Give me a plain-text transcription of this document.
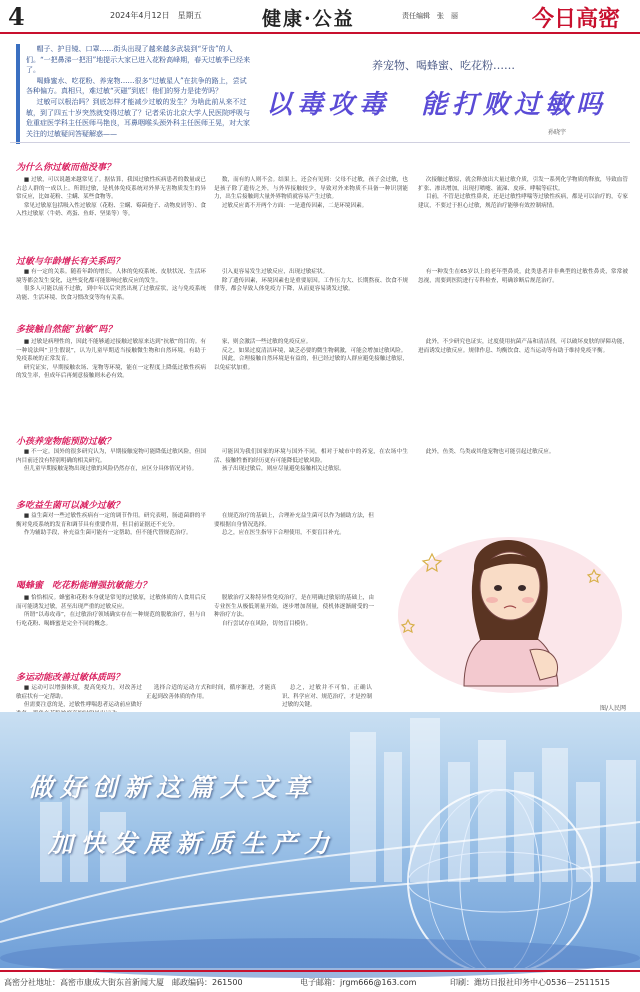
4	2024年4月12日　星期五	健康·公益	责任编辑　张　丽	今日高密

帽子、护目镜、口罩……街头出现了越来越多武装到“牙齿”的人们。“一把鼻涕一把泪”地提示大家已进入花粉高峰期，春天过敏季已经来了。

喝蜂蜜水、吃花粉、养宠物……很多“过敏星人”在抗争的路上，尝试各种偏方。真相只，难过敏“灭磁”到底！他们的努力是徒劳吗？

过敏可以根治吗？到底怎样才能减少过敏的发生？为啥此前从来不过敏，到了四五十岁突然就变得过敏了？记者采访北京大学人民医院呼吸与危重症医学科主任医师马艳良，耳鼻咽喉头颈外科主任医师王晃，对大家关注的过敏疑问答疑解惑——

养宠物、喝蜂蜜、吃花粉……
以毒攻毒　能打败过敏吗
孙晓宇
为什么你过敏而他没事？

■ 过敏，可以说越来越常见了。据估算，我国过敏性疾病患者的数量或已占总人群的一成以上。所谓过敏，是机体免疫系统对外界无害物质发生的异常反应，比如花粉、尘螨、某些食物等。

常见过敏原包括吸入性过敏原（花粉、尘螨、霉菌孢子、动物皮屑等）、食入性过敏原（牛奶、鸡蛋、鱼虾、坚果等）等。

数，而有的人则不会。结果上，还会有见到：父母不过敏，孩子会过敏，也是孩子除了遗传之外，与外界接触较少，导致对外来物质不具备一种识别能力，出生后接触到大量外界物质就容易产生过敏。

过敏反应离不开两个方面：一是遗传因素，二是环境因素。

次接触过敏原，就会释放出大量过敏介质，引发一系列化学物质的释放，导致血管扩张、渗出增加，出现打喷嚏、流涕、皮疹、哮喘等症状。

目前，不管是过敏性鼻炎，还是过敏性哮喘等过敏性疾病，都是可以治疗的，专家建议，不要过于担心过敏，规范治疗能够有效控制病情。

过敏与年龄增长有关系吗？

■ 有一定的关系。随着年龄的增长，人体的免疫系统、皮肤状况、生活环境等都会发生变化，这些变化都可能影响过敏反应的发生。

很多人可能以前不过敏，到中年以后突然出现了过敏症状，这与免疫系统功能、生活环境、饮食习惯改变等均有关系。

引入更容易发生过敏反应，出现过敏症状。

除了遗传因素，环境因素也是重要原因。工作压力大、长期熬夜、饮食不规律等，都会导致人体免疫力下降，从而更容易诱发过敏。

有一种发生在65岁以上的老年型鼻炎，此类患者并非典型的过敏性鼻炎，常常被忽视，需要到医院进行专科检查，明确诊断后规范治疗。

多接触自然能“抗敏”吗？

■ 过敏是病理性的，因此不能够通过接触过敏原来达到“抗敏”的目的。有一种说法叫“卫生假说”，认为儿童早期适当接触微生物和自然环境，有助于免疫系统的正常发育。

研究证实，早期接触农场、宠物等环境，能在一定程度上降低过敏性疾病的发生率，但成年后再刻意接触则未必有效。

家，则会激活一些过敏的免疫反应。

反之，如果过度清洁环境，缺乏必要的微生物刺激，可能会增加过敏风险。

因此，合理接触自然环境是有益的，但已经过敏的人群应避免接触过敏原，以免症状加重。

此外，不少研究也证实，过度使用抗菌产品和清洁剂，可以破坏皮肤的屏障功能，进而诱发过敏反应。规律作息、均衡饮食、适当运动等有助于维持免疫平衡。

小孩养宠物能预防过敏？

■ 不一定。国外的很多研究认为，早期接触宠物可能降低过敏风险，但国内目前还没有特别明确的相关研究。

但儿童早期接触宠物出现过敏的风险仍然存在，应区分具体情况对待。

可能因为我们国家的环境与国外不同，相对于城市中的养宠，在农场中生活、接触牲畜的经历更有可能降低过敏风险。

孩子出现过敏后，则应尽量避免接触相关过敏原。

此外，鱼类、鸟类或其他宠物也可能引起过敏反应。

多吃益生菌可以减少过敏？

■ 益生菌对一些过敏性疾病有一定的调节作用。研究表明，肠道菌群的平衡对免疫系统的发育和调节具有重要作用，但目前证据还不充分。

作为辅助手段，补充益生菌可能有一定帮助，但不能代替规范治疗。

在规范治疗的基础上，合理补充益生菌可以作为辅助方法，但要根据自身情况选择。

总之，应在医生指导下合理使用，不要盲目补充。

喝蜂蜜　吃花粉能增强抗敏能力？

■ 恰恰相反。蜂蜜和花粉本身就是常见的过敏原，过敏体质的人食用后反而可能诱发过敏，甚至出现严重的过敏反应。

所谓“以毒攻毒”，在过敏治疗领域确实存在一种规范的脱敏治疗，但与自行吃花粉、喝蜂蜜是完全不同的概念。

脱敏治疗又称特异性免疫治疗，是在明确过敏原的基础上，由专业医生从极低剂量开始，逐步增加剂量，使机体逐渐耐受的一种治疗方法。

自行尝试存在风险，切勿盲目模仿。

多运动能改善过敏体质吗？

■ 运动可以增强体质，提高免疫力，对改善过敏症状有一定帮助。

但需要注意的是，过敏性哮喘患者运动前应做好

选择合适的运动方式和时间，循序渐进，才能真正起到改善体质的作用。

总之，过敏并不可怕，正确认识、科学应对、规范治疗，才是控制过敏的关键。	图/人民网
做好创新这篇大文章
加快发展新质生产力
高密分社地址：高密市康成大街东首新闻大厦　邮政编码：261500	电子邮箱：jrgm666@163.com	印刷：潍坊日报社印务中心0536－2511515
